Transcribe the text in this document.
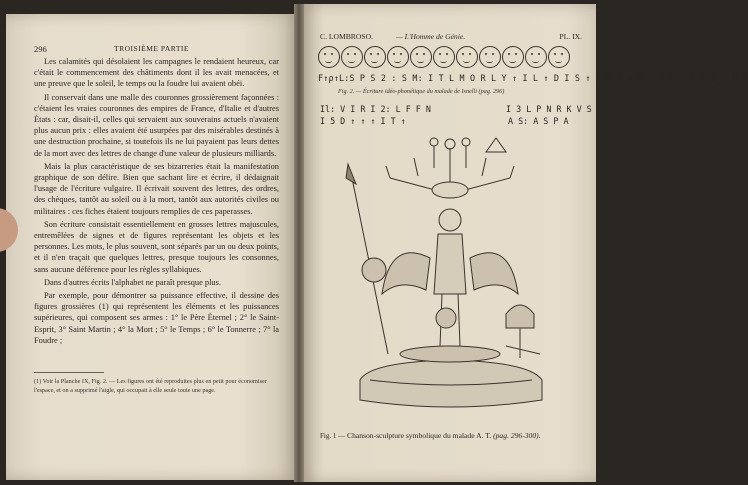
296	TROISIÈME PARTIE

Les calamités qui désolaient les campagnes le rendaient heureux, car c'était le commencement des châtiments dont il les avait menacées, et une preuve que le soleil, le temps ou la foudre lui avaient obéi.

Il conservait dans une malle des couronnes grossièrement façonnées : c'étaient les vraies couronnes des empires de France, d'Italie et d'autres États : car, disait-il, celles qui servaient aux souverains actuels n'avaient plus aucun prix : elles avaient été usurpées par des misérables destinés à une destruction prochaine, si toutefois ils ne lui payaient pas leurs dettes de la mort avec des lettres de change d'une valeur de plusieurs milliards.

Mais la plus caractéristique de ses bizarreries était la manifestation graphique de son délire. Bien que sachant lire et écrire, il dédaignait l'usage de l'écriture vulgaire. Il écrivait souvent des lettres, des ordres, des chèques, tantôt au soleil ou à la mort, tantôt aux autorités civiles ou militaires : ces fiches étaient toujours remplies de ces paperasses.

Son écriture consistait essentiellement en grosses lettres majuscules, entremêlées de signes et de figures représentant les objets et les personnes. Les mots, le plus souvent, sont séparés par un ou deux points, et il n'en traçait que quelques lettres, presque toujours les consonnes, sans aucune déférence pour les règles syllabiques.

Dans d'autres écrits l'alphabet ne paraît presque plus.

Par exemple, pour démontrer sa puissance effective, il dessine des figures grossières (1) qui représentent les éléments et les puissances supérieures, qui composent ses armes : 1° le Père Éternel ; 2° le Saint-Esprit, 3° Saint Martin ; 4° la Mort ; 5° le Temps ; 6° le Tonnerre ; 7° la Foudre ;

(1) Voir la Planche IX, Fig. 2. — Les figures ont été reproduites plus en petit pour économiser l'espace, et on a supprimé l'aigle, qui occupait à elle seule toute une page.
C. LOMBROSO.	— L'Homme de Génie.	PL. IX.
F↑ρ↑L:S P S 2 : S M: I T L M O R L Y ↑ I L ↑ D I S ↑ T R A M O S S Y L A I O L F O
Fig. 2. — Écriture idéo-phonétique du malade de Isnelli (pag. 296)
Il: V I R I 2: L F F N
I 5 D ↑ ↑ ↑ I T ↑
I 3 L P N R K V S
A S: A S P A
Fig. 1 — Chanson-sculpture symbolique du malade A. T. (pag. 296-300).
